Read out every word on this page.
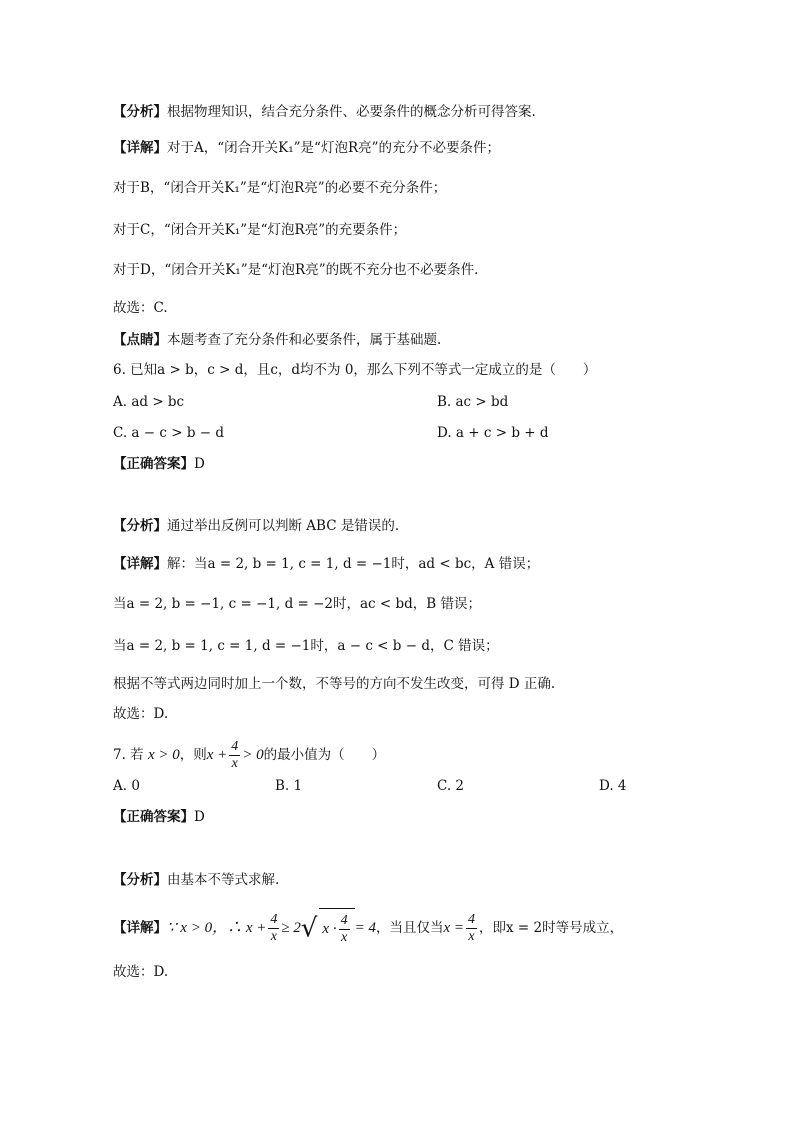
【分析】根据物理知识，结合充分条件、必要条件的概念分析可得答案.
【详解】对于A，“闭合开关K₁”是“灯泡R亮”的充分不必要条件；
对于B，“闭合开关K₁”是“灯泡R亮”的必要不充分条件；
对于C，“闭合开关K₁”是“灯泡R亮”的充要条件；
对于D，“闭合开关K₁”是“灯泡R亮”的既不充分也不必要条件.
故选：C.
【点睛】本题考查了充分条件和必要条件，属于基础题.
6. 已知a > b，c > d，且c，d均不为 0，那么下列不等式一定成立的是（　　）
A. ad > bc	B. ac > bd
C. a − c > b − d	D. a + c > b + d
【正确答案】D
【分析】通过举出反例可以判断 ABC 是错误的.
【详解】解：当a = 2, b = 1, c = 1, d = −1时，ad < bc，A 错误；
当a = 2, b = −1, c = −1, d = −2时，ac < bd，B 错误；
当a = 2, b = 1, c = 1, d = −1时，a − c < b − d，C 错误；
根据不等式两边同时加上一个数，不等号的方向不发生改变，可得 D 正确.
故选：D.
7. 若 x > 0，则$x + \frac{4}{x} > 0$的最小值为（　　）
A. 0	B. 1	C. 2	D. 4
【正确答案】D
【分析】由基本不等式求解.
【详解】∵ x > 0，∴ $x + \frac{4}{x} \ge 2√$ $x \cdot \frac{4}{x} = 4$，当且仅当$x = \frac{4}{x}$ ，即x = 2时等号成立，
故选：D.
